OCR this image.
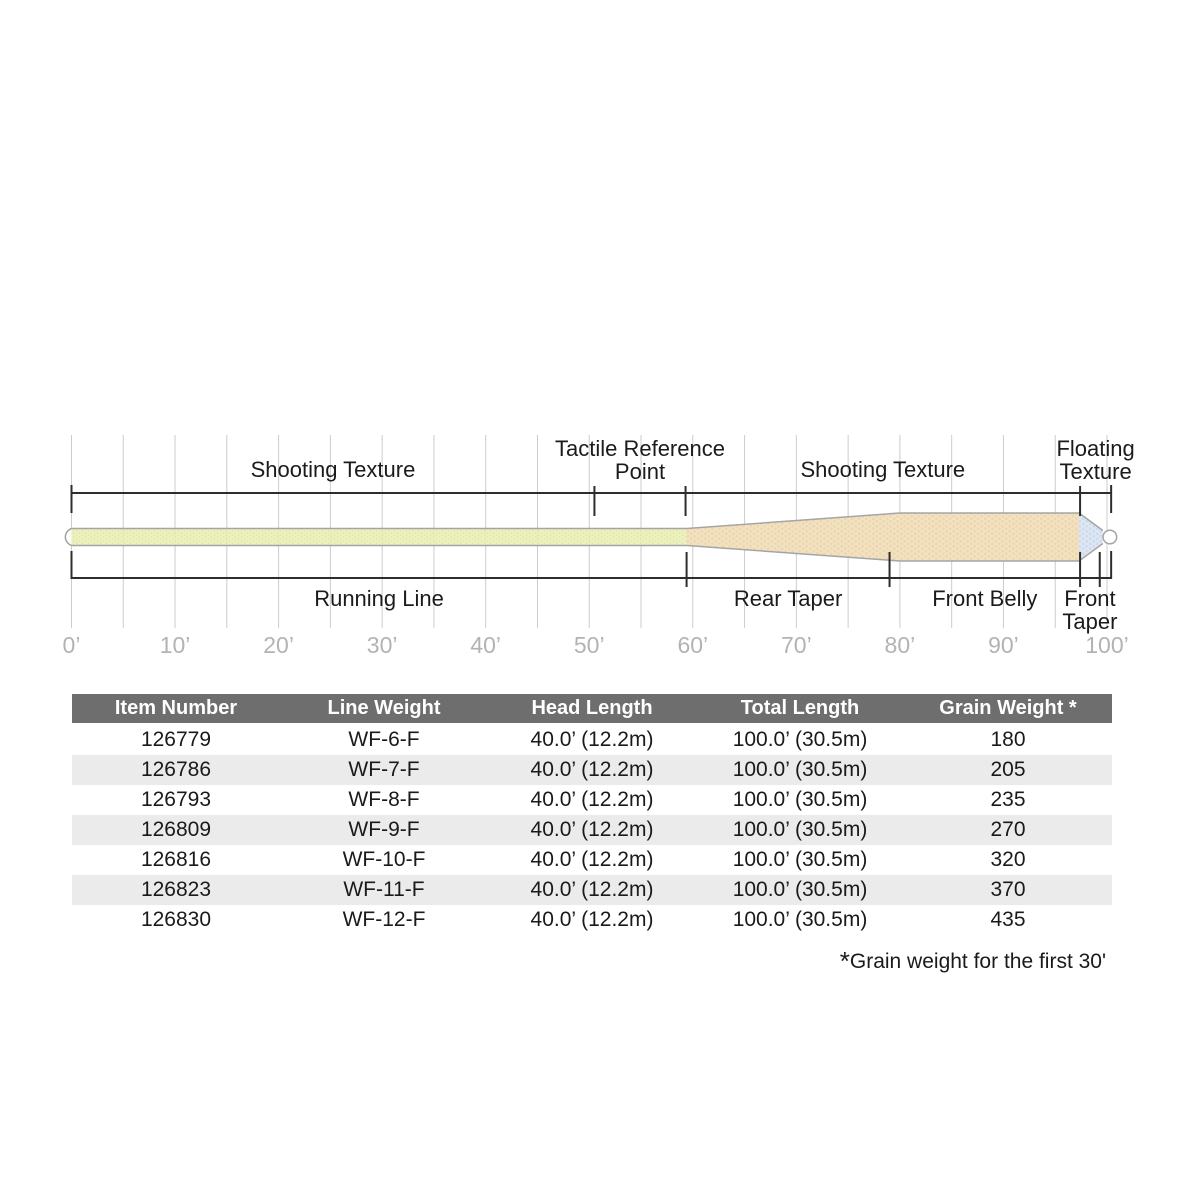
Shooting Texture
Tactile Reference
Point	Shooting Texture
Floating
Texture
Running Line	Rear Taper	Front Belly Front
Taper
0’	10’	20’	30’	40’	50’	60’	70’	80’	90’	100’
Item Number	Line Weight	Head Length	Total Length	Grain Weight *
126779	WF-6-F	40.0’ (12.2m)	100.0’ (30.5m)	180
126786	WF-7-F	40.0’ (12.2m)	100.0’ (30.5m)	205
126793	WF-8-F	40.0’ (12.2m)	100.0’ (30.5m)	235
126809	WF-9-F	40.0’ (12.2m)	100.0’ (30.5m)	270
126816	WF-10-F	40.0’ (12.2m)	100.0’ (30.5m)	320
126823	WF-11-F	40.0’ (12.2m)	100.0’ (30.5m)	370
126830	WF-12-F	40.0’ (12.2m)	100.0’ (30.5m)	435
*Grain weight for the first 30'
